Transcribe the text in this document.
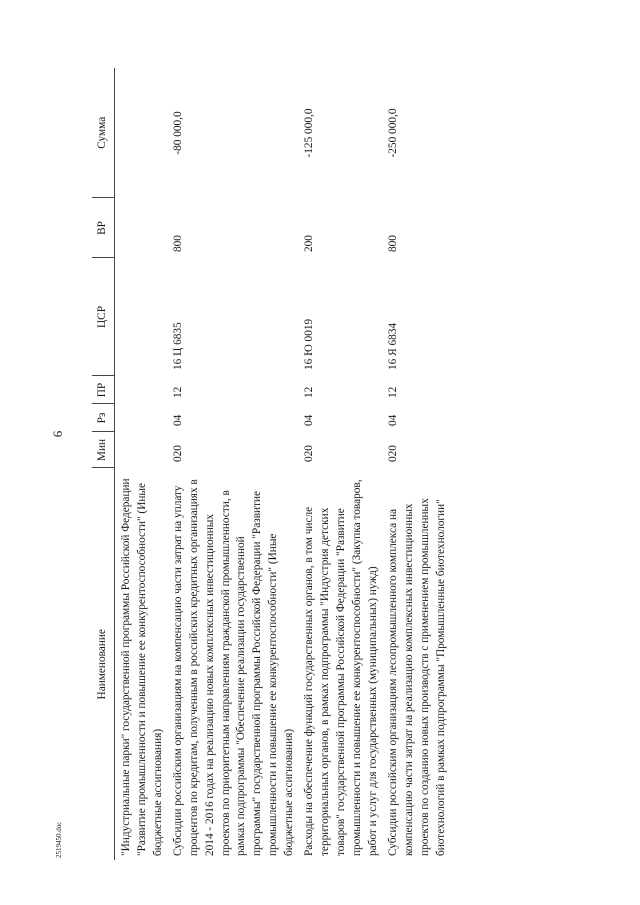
6
2519450.doc
Наименование	Мин	Рз	ПР	ЦСР	ВР	Сумма
"Индустриальные парки" государственной программы Российской Федерации "Развитие промышленности и повышение ее конкурентоспособности" (Иные бюджетные ассигнования)						
Субсидии российским организациям на компенсацию части затрат на уплату процентов по кредитам, полученным в российских кредитных организациях в 2014 - 2016 годах на реализацию новых комплексных инвестиционных проектов по приоритетным направлениям гражданской промышленности, в рамках подпрограммы "Обеспечение реализации государственной программы" государственной программы Российской Федерации "Развитие промышленности и повышение ее конкурентоспособности" (Иные бюджетные ассигнования)	020	04	12	16 Ц 6835	800	-80 000,0
Расходы на обеспечение функций государственных органов, в том числе территориальных органов, в рамках подпрограммы "Индустрия детских товаров" государственной программы Российской Федерации "Развитие промышленности и повышение ее конкурентоспособности" (Закупка товаров, работ и услуг для государственных (муниципальных) нужд)	020	04	12	16 Ю 0019	200	-125 000,0
Субсидии российским организациям лесопромышленного комплекса на компенсацию части затрат на реализацию комплексных инвестиционных проектов по созданию новых производств с применением промышленных биотехнологий в рамках подпрограммы "Промышленные биотехнологии"	020	04	12	16 Я 6834	800	-250 000,0
